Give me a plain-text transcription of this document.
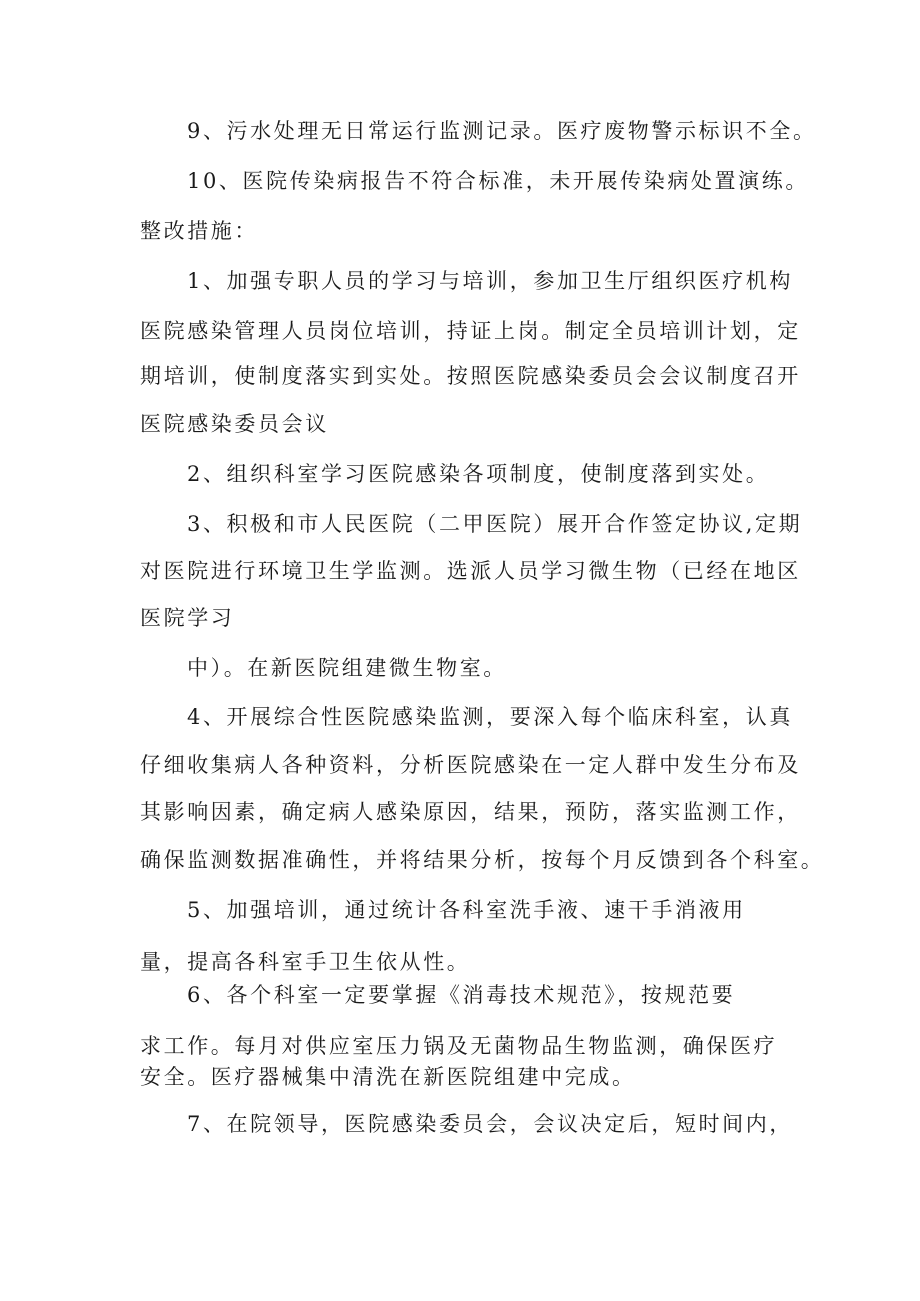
9、污水处理无日常运行监测记录。医疗废物警示标识不全。
10、医院传染病报告不符合标准，未开展传染病处置演练。
整改措施：
1、加强专职人员的学习与培训，参加卫生厅组织医疗机构
医院感染管理人员岗位培训，持证上岗。制定全员培训计划，定
期培训，使制度落实到实处。按照医院感染委员会会议制度召开
医院感染委员会议
2、组织科室学习医院感染各项制度，使制度落到实处。
3、积极和市人民医院（二甲医院）展开合作签定协议,定期
对医院进行环境卫生学监测。选派人员学习微生物（已经在地区
医院学习
中）。在新医院组建微生物室。
4、开展综合性医院感染监测，要深入每个临床科室，认真
仔细收集病人各种资料，分析医院感染在一定人群中发生分布及
其影响因素，确定病人感染原因，结果，预防，落实监测工作，
确保监测数据准确性，并将结果分析，按每个月反馈到各个科室。
5、加强培训，通过统计各科室洗手液、速干手消液用
量，提高各科室手卫生依从性。
6、各个科室一定要掌握《消毒技术规范》，按规范要
求工作。每月对供应室压力锅及无菌物品生物监测，确保医疗
安全。医疗器械集中清洗在新医院组建中完成。
7、在院领导，医院感染委员会，会议决定后，短时间内，
